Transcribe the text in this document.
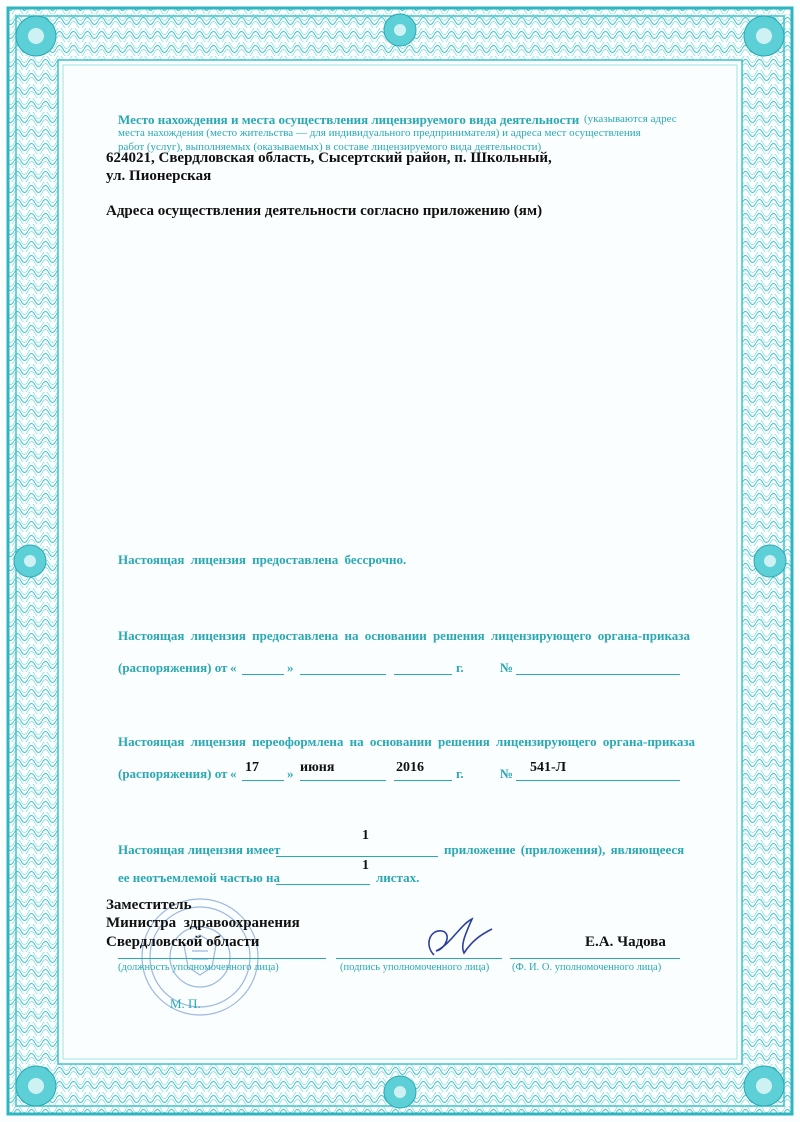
Место нахождения и места осуществления лицензируемого вида деятельности (указываются адрес
места нахождения (место жительства — для индивидуального предпринимателя) и адреса мест осуществления
работ (услуг), выполняемых (оказываемых) в составе лицензируемого вида деятельности)
624021, Свердловская область, Сысертский район, п. Школьный,
ул. Пионерская
Адреса осуществления деятельности согласно приложению (ям)
Настоящая лицензия предоставлена бессрочно.
Настоящая лицензия предоставлена на основании решения лицензирующего органа-приказа
(распоряжения) от «	»	г.	№
Настоящая лицензия переоформлена на основании решения лицензирующего органа-приказа
(распоряжения) от « 17 » июня	2016 г.	№ 541-Л
1
Настоящая лицензия имеет	приложение (приложения), являющееся
1
ее неотъемлемой частью на	листах.
Заместитель
Министра здравоохранения
Свердловской области	Е.А. Чадова
(должность уполномоченного лица)	(подпись уполномоченного лица) (Ф. И. О. уполномоченного лица)
М. П.
